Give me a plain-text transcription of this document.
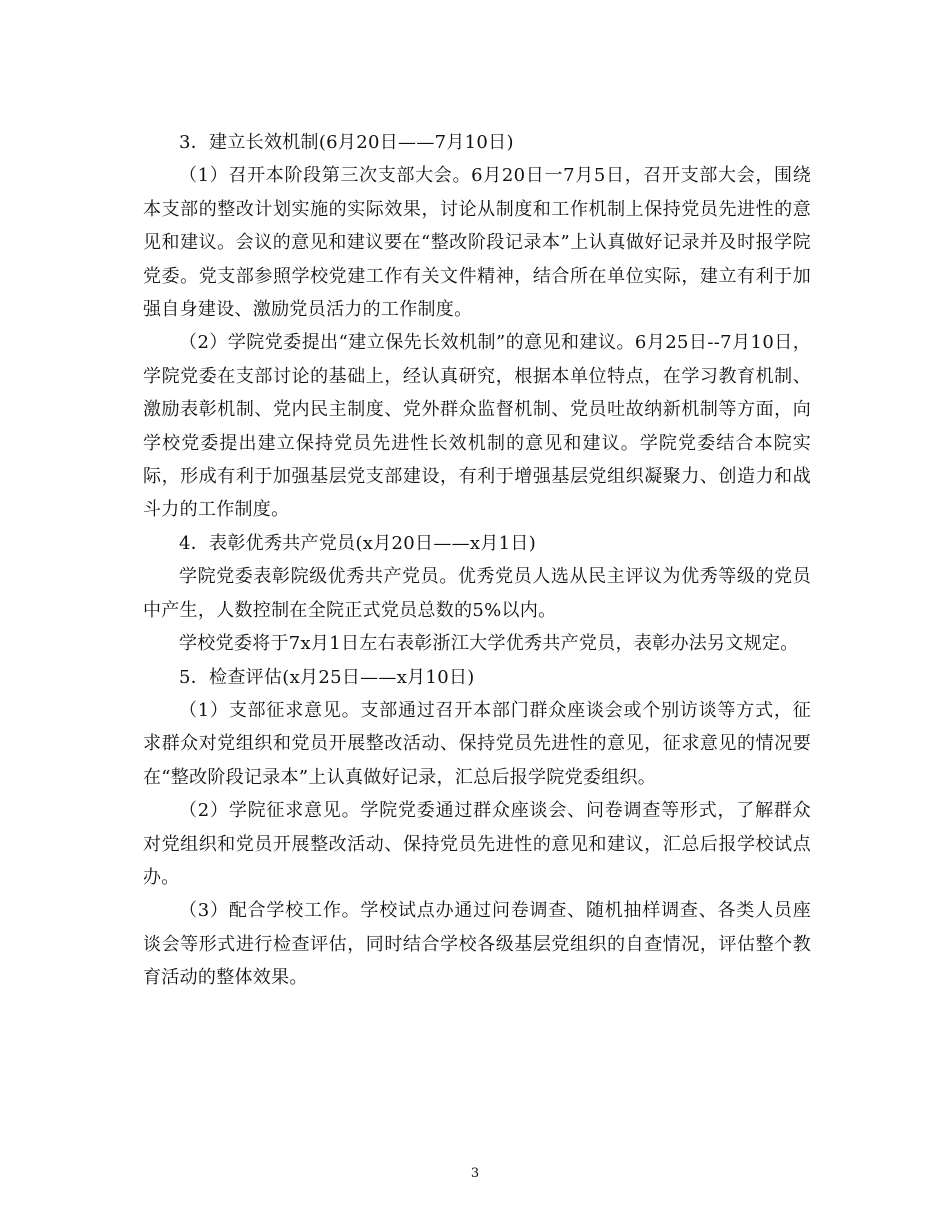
3．建立长效机制(6月20日——7月10日)

（1）召开本阶段第三次支部大会。6月20日一7月5日，召开支部大会，围绕本支部的整改计划实施的实际效果，讨论从制度和工作机制上保持党员先进性的意见和建议。会议的意见和建议要在“整改阶段记录本”上认真做好记录并及时报学院党委。党支部参照学校党建工作有关文件精神，结合所在单位实际，建立有利于加强自身建设、激励党员活力的工作制度。

（2）学院党委提出“建立保先长效机制”的意见和建议。6月25日--7月10日，学院党委在支部讨论的基础上，经认真研究，根据本单位特点，在学习教育机制、激励表彰机制、党内民主制度、党外群众监督机制、党员吐故纳新机制等方面，向学校党委提出建立保持党员先进性长效机制的意见和建议。学院党委结合本院实际，形成有利于加强基层党支部建设，有利于增强基层党组织凝聚力、创造力和战斗力的工作制度。

4．表彰优秀共产党员(x月20日——x月1日)

学院党委表彰院级优秀共产党员。优秀党员人选从民主评议为优秀等级的党员中产生，人数控制在全院正式党员总数的5%以内。

学校党委将于7x月1日左右表彰浙江大学优秀共产党员，表彰办法另文规定。

5．检查评估(x月25日——x月10日)

（1）支部征求意见。支部通过召开本部门群众座谈会或个别访谈等方式，征求群众对党组织和党员开展整改活动、保持党员先进性的意见，征求意见的情况要在“整改阶段记录本”上认真做好记录，汇总后报学院党委组织。

（2）学院征求意见。学院党委通过群众座谈会、问卷调查等形式，了解群众对党组织和党员开展整改活动、保持党员先进性的意见和建议，汇总后报学校试点办。

（3）配合学校工作。学校试点办通过问卷调查、随机抽样调查、各类人员座谈会等形式进行检查评估，同时结合学校各级基层党组织的自查情况，评估整个教育活动的整体效果。

3
